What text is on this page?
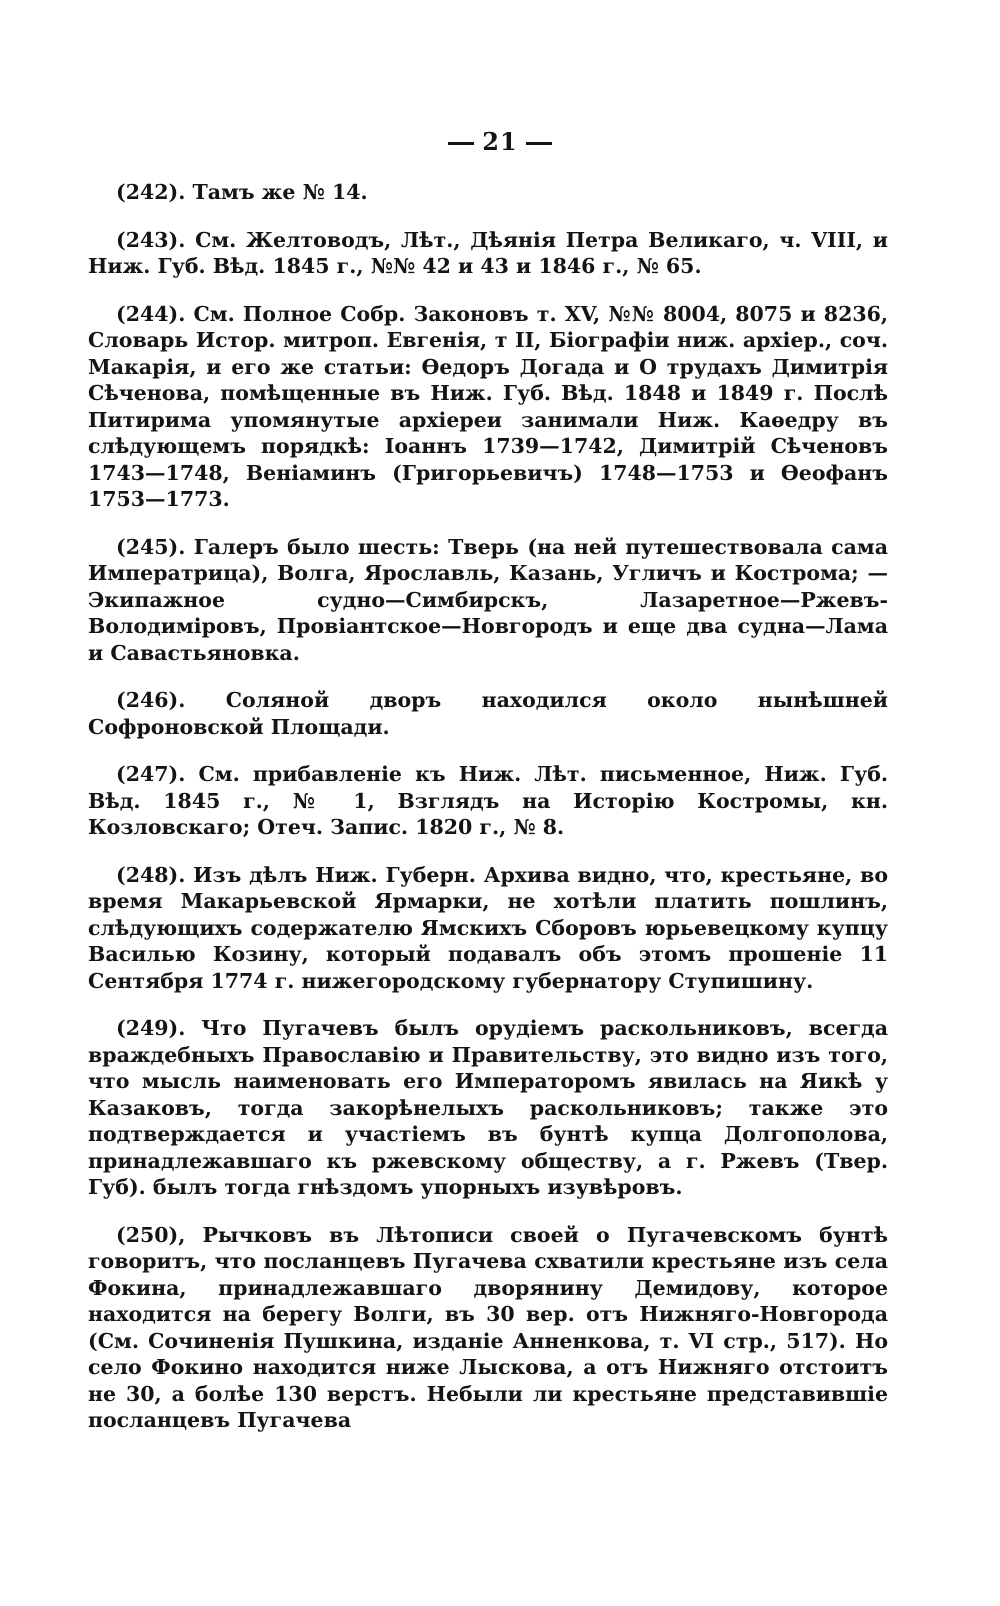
21

(242). Тамъ же № 14.

(243). См. Желтоводъ, Лѣт., Дѣянія Петра Великаго, ч. VIII, и Ниж. Губ. Вѣд. 1845 г., №№ 42 и 43 и 1846 г., № 65.

(244). См. Полное Собр. Законовъ т. XV, №№ 8004, 8075 и 8236, Словарь Истор. митроп. Евгенія, т II, Біографіи ниж. архіер., соч. Макарія, и его же статьи: Ѳедоръ Догада и О трудахъ Димитрія Сѣченова, помѣщенные въ Ниж. Губ. Вѣд. 1848 и 1849 г. Послѣ Питирима упомянутые архіереи занимали Ниж. Каѳедру въ слѣдующемъ порядкѣ: Іоаннъ 1739—1742, Димитрій Сѣченовъ 1743—1748, Веніаминъ (Григорьевичъ) 1748—1753 и Ѳеофанъ 1753—1773.

(245). Галеръ было шесть: Тверь (на ней путешествовала сама Императрица), Волга, Ярославль, Казань, Угличъ и Кострома; —Экипажное судно—Симбирскъ, Лазаретное—Ржевъ-Володиміровъ, Провіантское—Новгородъ и еще два судна—Лама и Савастьяновка.

(246). Соляной дворъ находился около нынѣшней Софроновской Площади.

(247). См. прибавленіе къ Ниж. Лѣт. письменное, Ниж. Губ. Вѣд. 1845 г., № 1, Взглядъ на Исторію Костромы, кн. Козловскаго; Отеч. Запис. 1820 г., № 8.

(248). Изъ дѣлъ Ниж. Губерн. Архива видно, что, крестьяне, во время Макарьевской Ярмарки, не хотѣли платить пошлинъ, слѣдующихъ содержателю Ямскихъ Сборовъ юрьевецкому купцу Василью Козину, который подавалъ объ этомъ прошеніе 11 Сентября 1774 г. нижегородскому губернатору Ступишину.

(249). Что Пугачевъ былъ орудіемъ раскольниковъ, всегда враждебныхъ Православію и Правительству, это видно изъ того, что мысль наименовать его Императоромъ явилась на Яикѣ у Казаковъ, тогда закорѣнелыхъ раскольниковъ; также это подтверждается и участіемъ въ бунтѣ купца Долгополова, принадлежавшаго къ ржевскому обществу, а г. Ржевъ (Твер. Губ). былъ тогда гнѣздомъ упорныхъ изувѣровъ.

(250), Рычковъ въ Лѣтописи своей о Пугачевскомъ бунтѣ говоритъ, что посланцевъ Пугачева схватили крестьяне изъ села Фокина, принадлежавшаго дворянину Демидову, которое находится на берегу Волги, въ 30 вер. отъ Нижняго-Новгорода (См. Сочиненія Пушкина, изданіе Анненкова, т. VI стр., 517). Но село Фокино находится ниже Лыскова, а отъ Нижняго отстоитъ не 30, а болѣе 130 верстъ. Небыли ли крестьяне представившіе посланцевъ Пугачева
